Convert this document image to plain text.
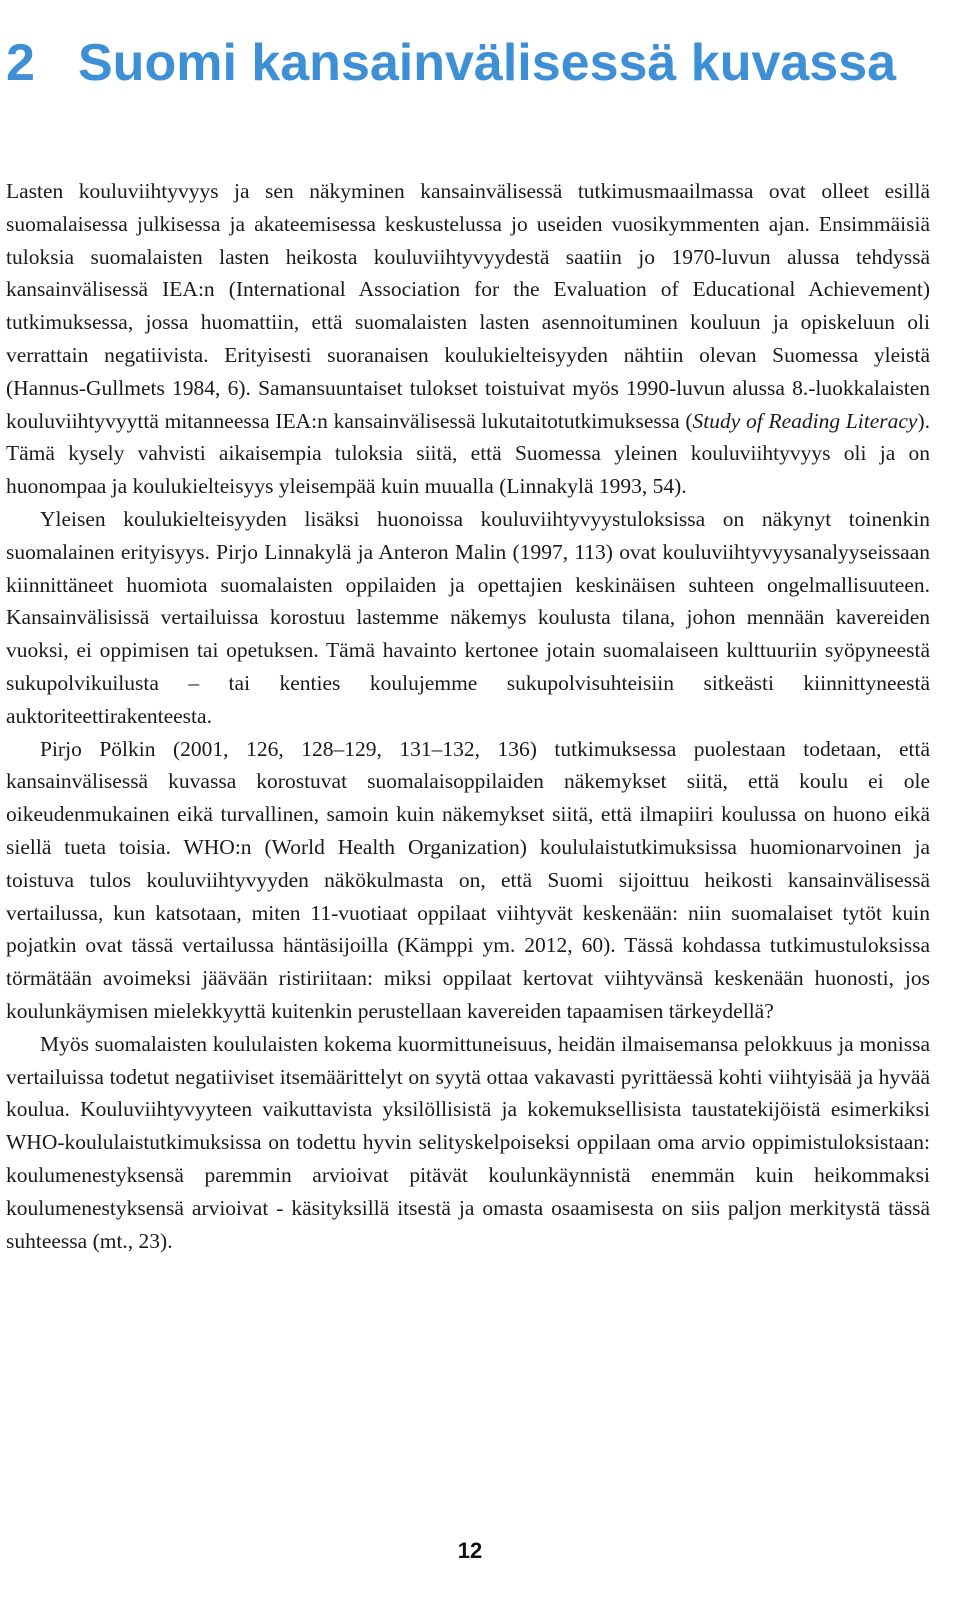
2 Suomi kansainvälisessä kuvassa

Lasten kouluviihtyvyys ja sen näkyminen kansainvälisessä tutkimusmaailmassa ovat olleet esillä suomalaisessa julkisessa ja akateemisessa keskustelussa jo useiden vuosikymmenten ajan. Ensimmäisiä tuloksia suomalaisten lasten heikosta kouluviihtyvyydestä saatiin jo 1970-luvun alussa tehdyssä kansainvälisessä IEA:n (International Association for the Evaluation of Educational Achievement) tutkimuksessa, jossa huomattiin, että suomalaisten lasten asennoituminen kouluun ja opiskeluun oli verrattain negatiivista. Erityisesti suoranaisen koulukielteisyyden nähtiin olevan Suomessa yleistä (Hannus-Gullmets 1984, 6). Samansuuntaiset tulokset toistuivat myös 1990-luvun alussa 8.-luokkalaisten kouluviihtyvyyttä mitanneessa IEA:n kansainvälisessä lukutaitotutkimuksessa (Study of Reading Literacy). Tämä kysely vahvisti aikaisempia tuloksia siitä, että Suomessa yleinen kouluviihtyvyys oli ja on huonompaa ja koulukielteisyys yleisempää kuin muualla (Linnakylä 1993, 54).

Yleisen koulukielteisyyden lisäksi huonoissa kouluviihtyvyystuloksissa on näkynyt toinenkin suomalainen erityisyys. Pirjo Linnakylä ja Anteron Malin (1997, 113) ovat kouluviihtyvyysanalyyseissaan kiinnittäneet huomiota suomalaisten oppilaiden ja opettajien keskinäisen suhteen ongelmallisuuteen. Kansainvälisissä vertailuissa korostuu lastemme näkemys koulusta tilana, johon mennään kavereiden vuoksi, ei oppimisen tai opetuksen. Tämä havainto kertonee jotain suomalaiseen kulttuuriin syöpyneestä sukupolvikuilusta – tai kenties koulujemme sukupolvisuhteisiin sitkeästi kiinnittyneestä auktoriteettirakenteesta.

Pirjo Pölkin (2001, 126, 128–129, 131–132, 136) tutkimuksessa puolestaan todetaan, että kansainvälisessä kuvassa korostuvat suomalaisoppilaiden näkemykset siitä, että koulu ei ole oikeudenmukainen eikä turvallinen, samoin kuin näkemykset siitä, että ilmapiiri koulussa on huono eikä siellä tueta toisia. WHO:n (World Health Organization) koululaistutkimuksissa huomionarvoinen ja toistuva tulos kouluviihtyvyyden näkökulmasta on, että Suomi sijoittuu heikosti kansainvälisessä vertailussa, kun katsotaan, miten 11-vuotiaat oppilaat viihtyvät keskenään: niin suomalaiset tytöt kuin pojatkin ovat tässä vertailussa häntäsijoilla (Kämppi ym. 2012, 60). Tässä kohdassa tutkimustuloksissa törmätään avoimeksi jäävään ristiriitaan: miksi oppilaat kertovat viihtyvänsä keskenään huonosti, jos koulunkäymisen mielekkyyttä kuitenkin perustellaan kavereiden tapaamisen tärkeydellä?

Myös suomalaisten koululaisten kokema kuormittuneisuus, heidän ilmaisemansa pelokkuus ja monissa vertailuissa todetut negatiiviset itsemäärittelyt on syytä ottaa vakavasti pyrittäessä kohti viihtyisää ja hyvää koulua. Kouluviihtyvyyteen vaikuttavista yksilöllisistä ja kokemuksellisista taustatekijöistä esimerkiksi WHO-koululaistutkimuksissa on todettu hyvin selityskelpoiseksi oppilaan oma arvio oppimistuloksistaan: koulumenestyksensä paremmin arvioivat pitävät koulunkäynnistä enemmän kuin heikommaksi koulumenestyksensä arvioivat - käsityksillä itsestä ja omasta osaamisesta on siis paljon merkitystä tässä suhteessa (mt., 23).

12
